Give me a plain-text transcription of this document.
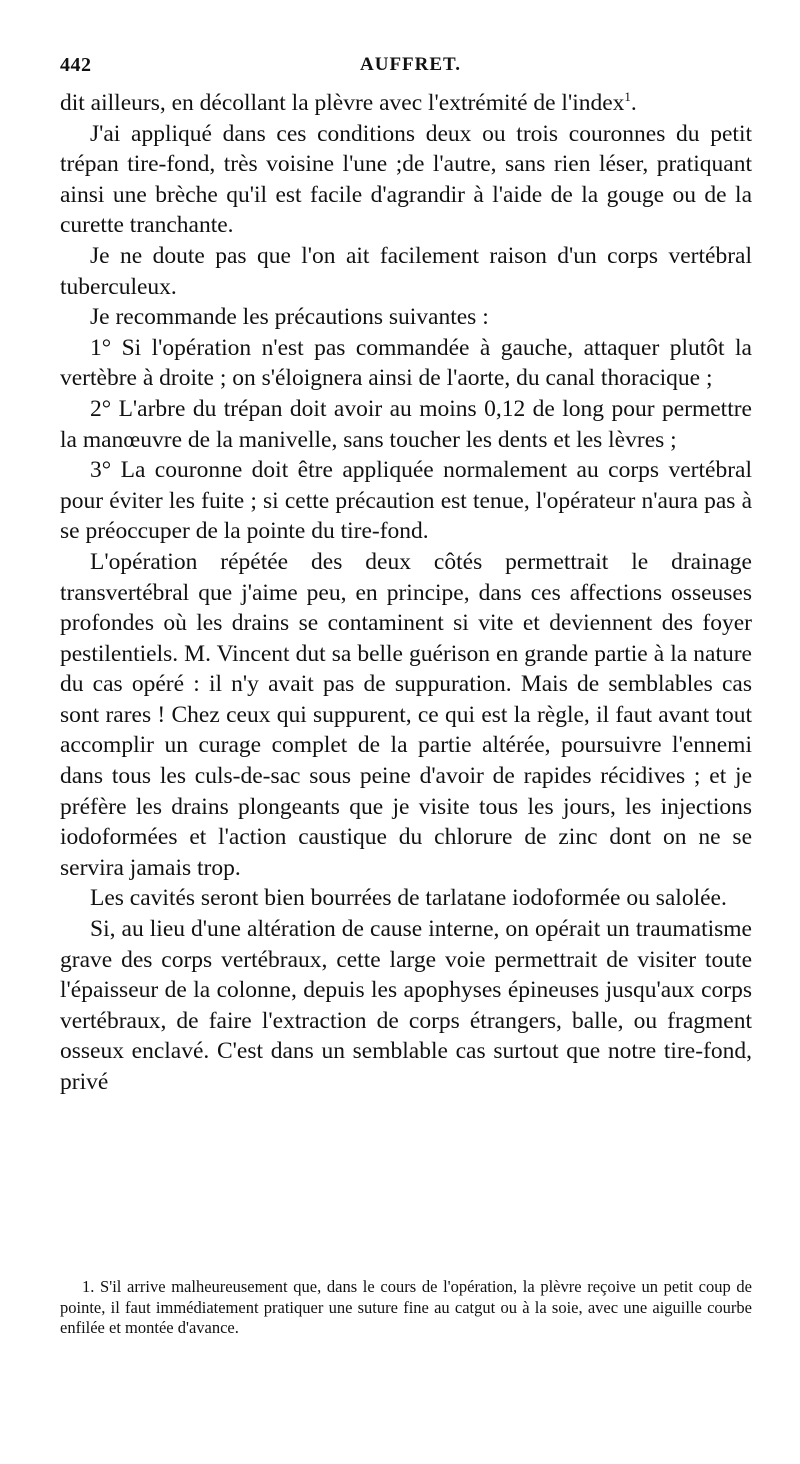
442	AUFFRET.

dit ailleurs, en décollant la plèvre avec l'extrémité de l'index$^1$.

J'ai appliqué dans ces conditions deux ou trois couronnes du petit trépan tire-fond, très voisine l'une ;de l'autre, sans rien léser, pratiquant ainsi une brèche qu'il est facile d'agrandir à l'aide de la gouge ou de la curette tranchante.

Je ne doute pas que l'on ait facilement raison d'un corps vertébral tuberculeux.

Je recommande les précautions suivantes :

1° Si l'opération n'est pas commandée à gauche, attaquer plutôt la vertèbre à droite ; on s'éloignera ainsi de l'aorte, du canal thoracique ;

2° L'arbre du trépan doit avoir au moins 0,12 de long pour permettre la manœuvre de la manivelle, sans toucher les dents et les lèvres ;

3° La couronne doit être appliquée normalement au corps vertébral pour éviter les fuite ; si cette précaution est tenue, l'opérateur n'aura pas à se préoccuper de la pointe du tire-fond.

L'opération répétée des deux côtés permettrait le drainage transvertébral que j'aime peu, en principe, dans ces affections osseuses profondes où les drains se contaminent si vite et deviennent des foyer pestilentiels. M. Vincent dut sa belle guérison en grande partie à la nature du cas opéré : il n'y avait pas de suppuration. Mais de semblables cas sont rares ! Chez ceux qui suppurent, ce qui est la règle, il faut avant tout accomplir un curage complet de la partie altérée, poursuivre l'ennemi dans tous les culs-de-sac sous peine d'avoir de rapides récidives ; et je préfère les drains plongeants que je visite tous les jours, les injections iodoformées et l'action caustique du chlorure de zinc dont on ne se servira jamais trop.

Les cavités seront bien bourrées de tarlatane iodoformée ou salolée.

Si, au lieu d'une altération de cause interne, on opérait un traumatisme grave des corps vertébraux, cette large voie permettrait de visiter toute l'épaisseur de la colonne, depuis les apophyses épineuses jusqu'aux corps vertébraux, de faire l'extraction de corps étrangers, balle, ou fragment osseux enclavé. C'est dans un semblable cas surtout que notre tire-fond, privé

1. S'il arrive malheureusement que, dans le cours de l'opération, la plèvre reçoive un petit coup de pointe, il faut immédiatement pratiquer une suture fine au catgut ou à la soie, avec une aiguille courbe enfilée et montée d'avance.
